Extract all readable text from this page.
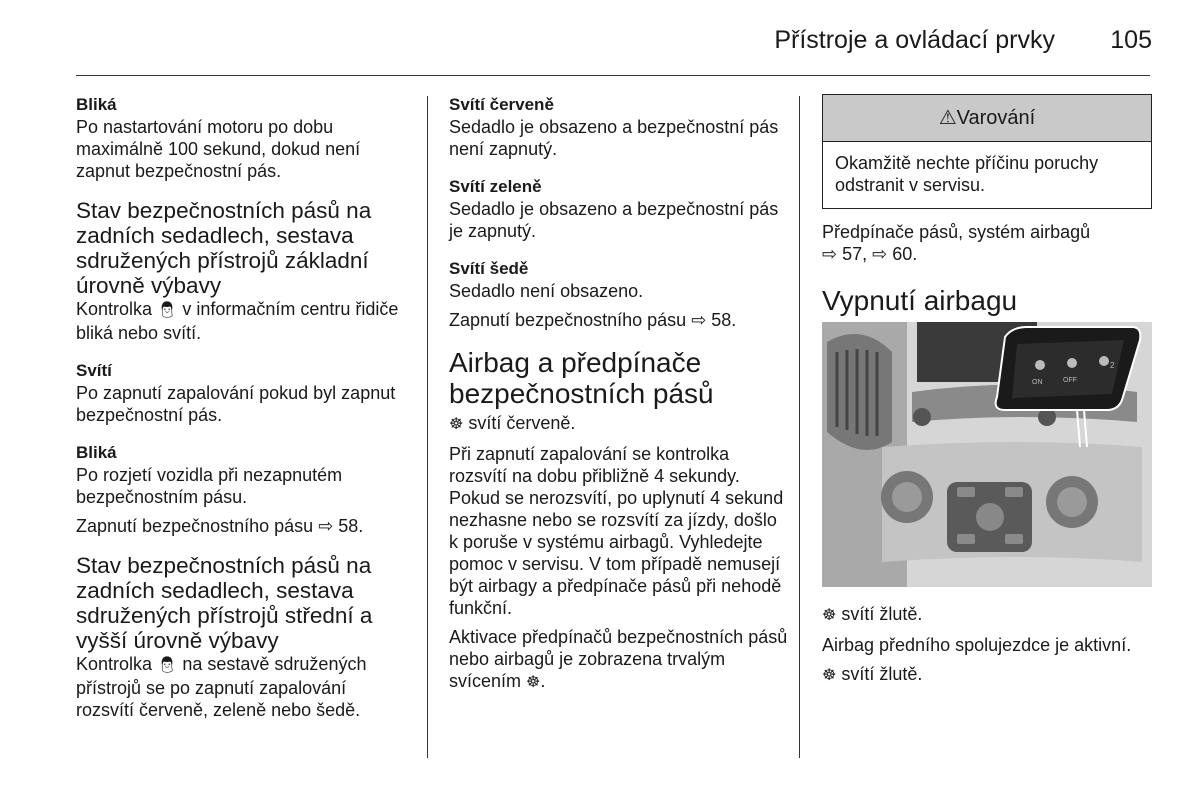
Přístroje a ovládací prvky 105

Bliká

Po nastartování motoru po dobu maximálně 100 sekund, dokud není zapnut bezpečnostní pás.

Stav bezpečnostních pásů na zadních sedadlech, sestava sdružených přístrojů základní úrovně výbavy

Kontrolka 👨︎ v informačním centru řidiče bliká nebo svítí.

Svítí

Po zapnutí zapalování pokud byl zapnut bezpečnostní pás.

Bliká

Po rozjetí vozidla při nezapnutém bezpečnostním pásu.

Zapnutí bezpečnostního pásu ⇨ 58.

Stav bezpečnostních pásů na zadních sedadlech, sestava sdružených přístrojů střední a vyšší úrovně výbavy

Kontrolka 👨︎ na sestavě sdružených přístrojů se po zapnutí zapalování rozsvítí červeně, zeleně nebo šedě.

Svítí červeně

Sedadlo je obsazeno a bezpečnostní pás není zapnutý.

Svítí zeleně

Sedadlo je obsazeno a bezpečnostní pás je zapnutý.

Svítí šedě

Sedadlo není obsazeno.

Zapnutí bezpečnostního pásu ⇨ 58.

Airbag a předpínače bezpečnostních pásů

☸ svítí červeně.

Při zapnutí zapalování se kontrolka rozsvítí na dobu přibližně 4 sekundy. Pokud se nerozsvítí, po uplynutí 4 sekund nezhasne nebo se rozsvítí za jízdy, došlo k poruše v systému airbagů. Vyhledejte pomoc v servisu. V tom případě nemusejí být airbagy a předpínače pásů při nehodě funkční.

Aktivace předpínačů bezpečnostních pásů nebo airbagů je zobrazena trvalým svícením ☸.

⚠Varování
Okamžitě nechte příčinu poruchy odstranit v servisu.

Předpínače pásů, systém airbagů
⇨ 57, ⇨ 60.

Vypnutí airbagu
ON	OFF
2

☸ svítí žlutě.

Airbag předního spolujezdce je aktivní.

☸ svítí žlutě.
